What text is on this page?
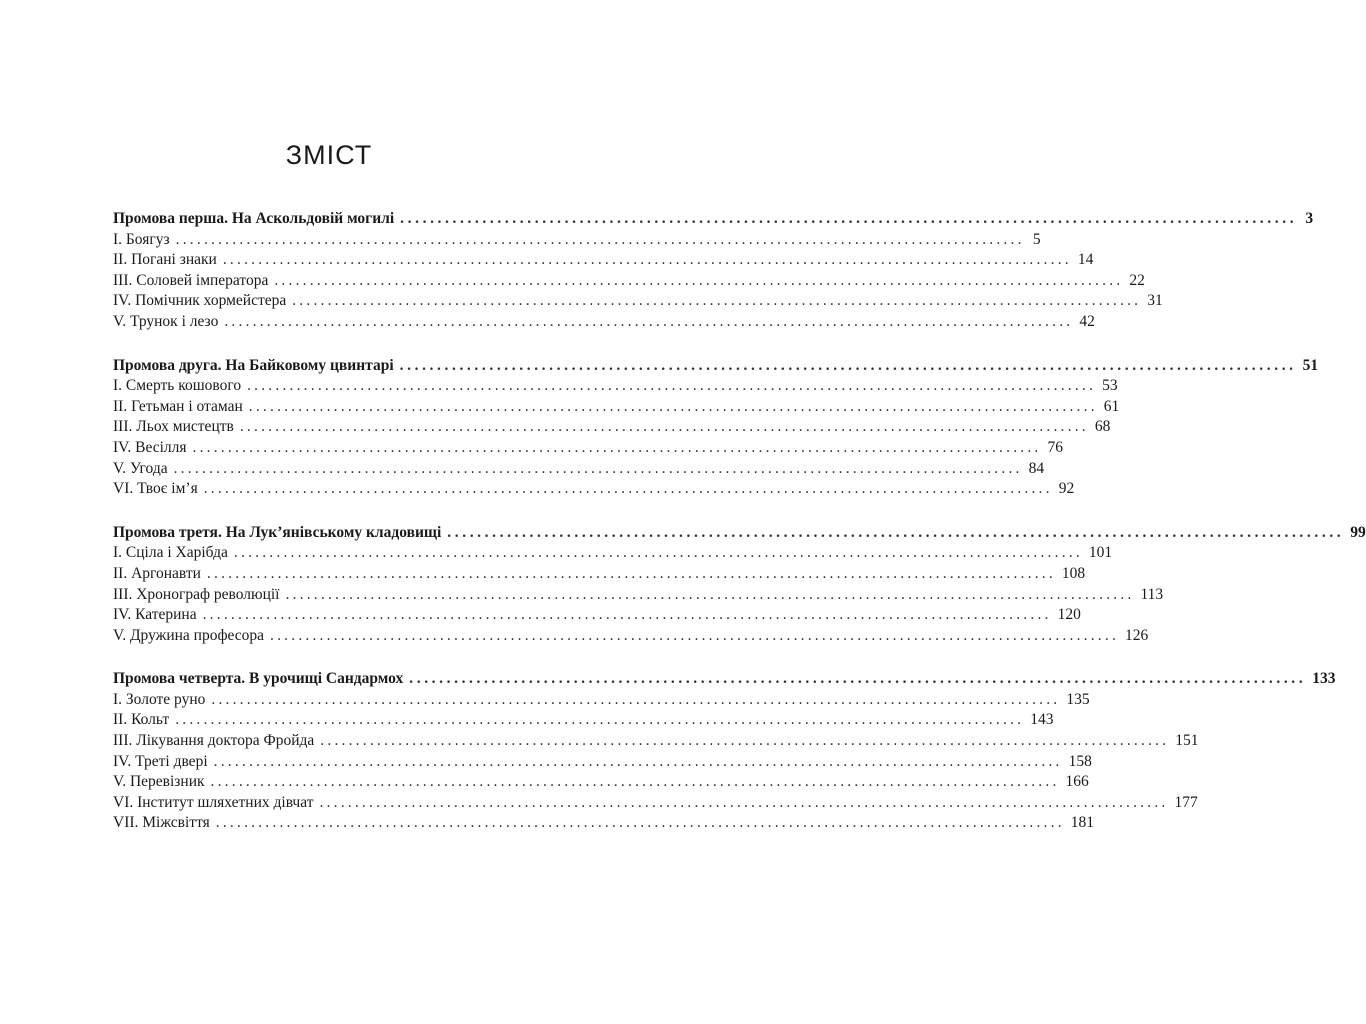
ЗМІСТ
Промова перша. На Аскольдовій могилі ........................................................................................................................ 3
I. Боягуз ........................................................................................................................ 5
II. Погані знаки ........................................................................................................................ 14
III. Соловей імператора ........................................................................................................................ 22
IV. Помічник хормейстера ........................................................................................................................ 31
V. Трунок і лезо ........................................................................................................................ 42
Промова друга. На Байковому цвинтарі ........................................................................................................................ 51
I. Смерть кошового ........................................................................................................................ 53
II. Гетьман і отаман ........................................................................................................................ 61
III. Льох мистецтв ........................................................................................................................ 68
IV. Весілля ........................................................................................................................ 76
V. Угода ........................................................................................................................ 84
VI. Твоє ім’я ........................................................................................................................ 92
Промова третя. На Лук’янівському кладовищі ........................................................................................................................ 99
I. Сціла і Харібда ........................................................................................................................ 101
II. Аргонавти ........................................................................................................................ 108
III. Хронограф революції ........................................................................................................................ 113
IV. Катерина ........................................................................................................................ 120
V. Дружина професора ........................................................................................................................ 126
Промова четверта. В урочищі Сандармох ........................................................................................................................ 133
I. Золоте руно ........................................................................................................................ 135
II. Кольт ........................................................................................................................ 143
III. Лікування доктора Фройда ........................................................................................................................ 151
IV. Треті двері ........................................................................................................................ 158
V. Перевізник ........................................................................................................................ 166
VI. Інститут шляхетних дівчат ........................................................................................................................ 177
VII. Міжсвіття ........................................................................................................................ 181
